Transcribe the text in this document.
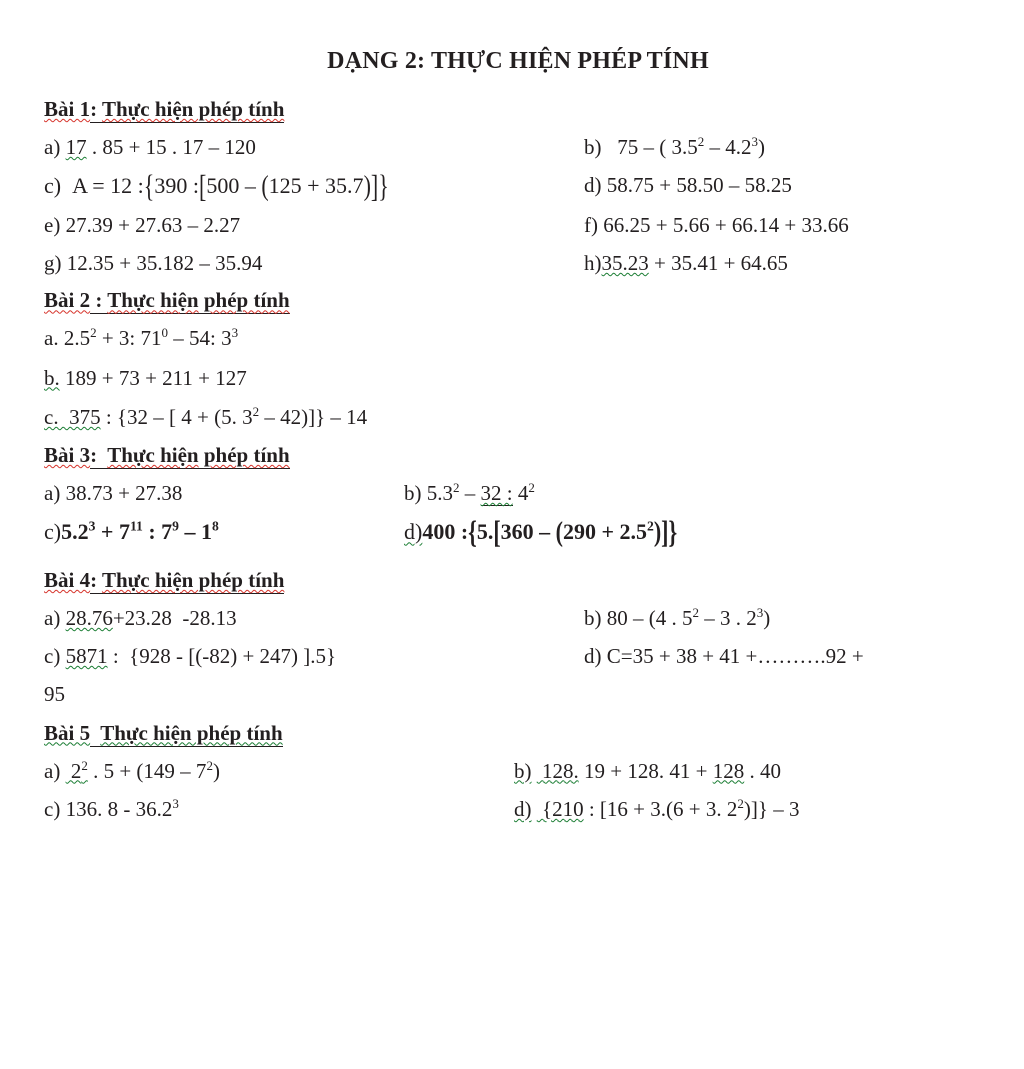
DẠNG 2: THỰC HIỆN PHÉP TÍNH
Bài 1: Thực hiện phép tính
a) 17 . 85 + 15 . 17 – 120	b)   75 – ( $3.5^2 - 4.2^3$)
c)  A = 12 :{390 :[500 – (125 + 35.7)]}	d) 58.75 + 58.50 – 58.25
e) 27.39 + 27.63 – 2.27	f) 66.25 + 5.66 + 66.14 + 33.66
g) 12.35 + 35.182 – 35.94	h)35.23 + 35.41 + 64.65
Bài 2 : Thực hiện phép tính
a. $2.5^2 + 3$: $71^0 - 54$: $3^3$
b. 189 + 73 + 211 + 127
c.  375 : {32 – [ 4 + (5. $3^2 - 42)]\} - 14$
Bài 3:  Thực hiện phép tính
a) 38.73 + 27.38	b) $5.3^2 - 32$ : $4^2$
$c)5.2^3 + 7^{11}$ : $7^9 - 1^8$	d)400 :{5.[360 – $(290 + 2.5^2)$]}
Bài 4: Thực hiện phép tính
a) 28.76+23.28  -28.13	b) 80 – (4 . $5^2 - 3$ . $2^3$)
c) 5871 :  {928 - [(-82) + 247) ].5}	d) C=35 + 38 + 41 +……….92 +
95
Bài 5 Thực hiện phép tính
a)  $2^2$ . $5 + (149 - 7^2)$	b)  128. 19 + 128. 41 + 128 . 40
c) 136. 8 - 36.2$^3$	d)  {210 : [16 + 3.(6 + 3. $2^2)]\} - 3$
